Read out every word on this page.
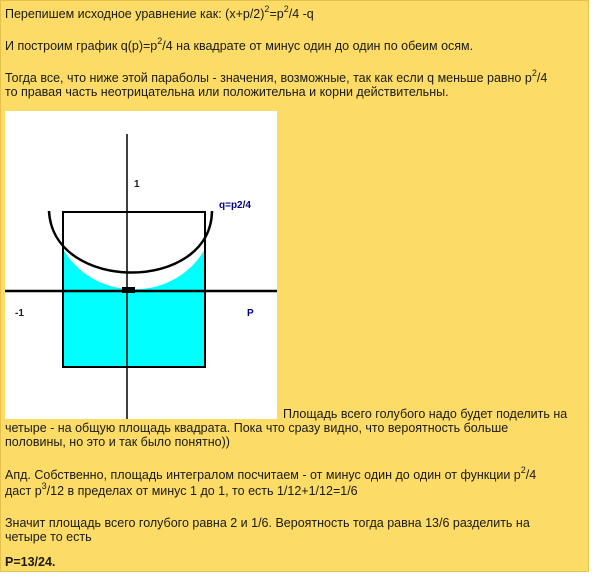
Перепишем исходное уравнение как: $(x+p/2)^2=p^2/4$ -q
И построим график $q(p)=p^2/4$ на квадрате от минус один до один по обеим осям.
Тогда все, что ниже этой параболы - значения, возможные, так как если q меньше равно $p^2/4$
то правая часть неотрицательна или положительна и корни действительны.
1
-1	P
q=p2/4
Площадь всего голубого надо будет поделить на
четыре - на общую площадь квадрата. Пока что сразу видно, что вероятность больше
половины, но это и так было понятно))
Апд. Собственно, площадь интегралом посчитаем - от минус один до один от функции $p^2/4$
даст $p^3/12$ в пределах от минус 1 до 1, то есть 1/12+1/12=1/6
Значит площадь всего голубого равна 2 и 1/6. Вероятность тогда равна 13/6 разделить на
четыре то есть
P=13/24.
